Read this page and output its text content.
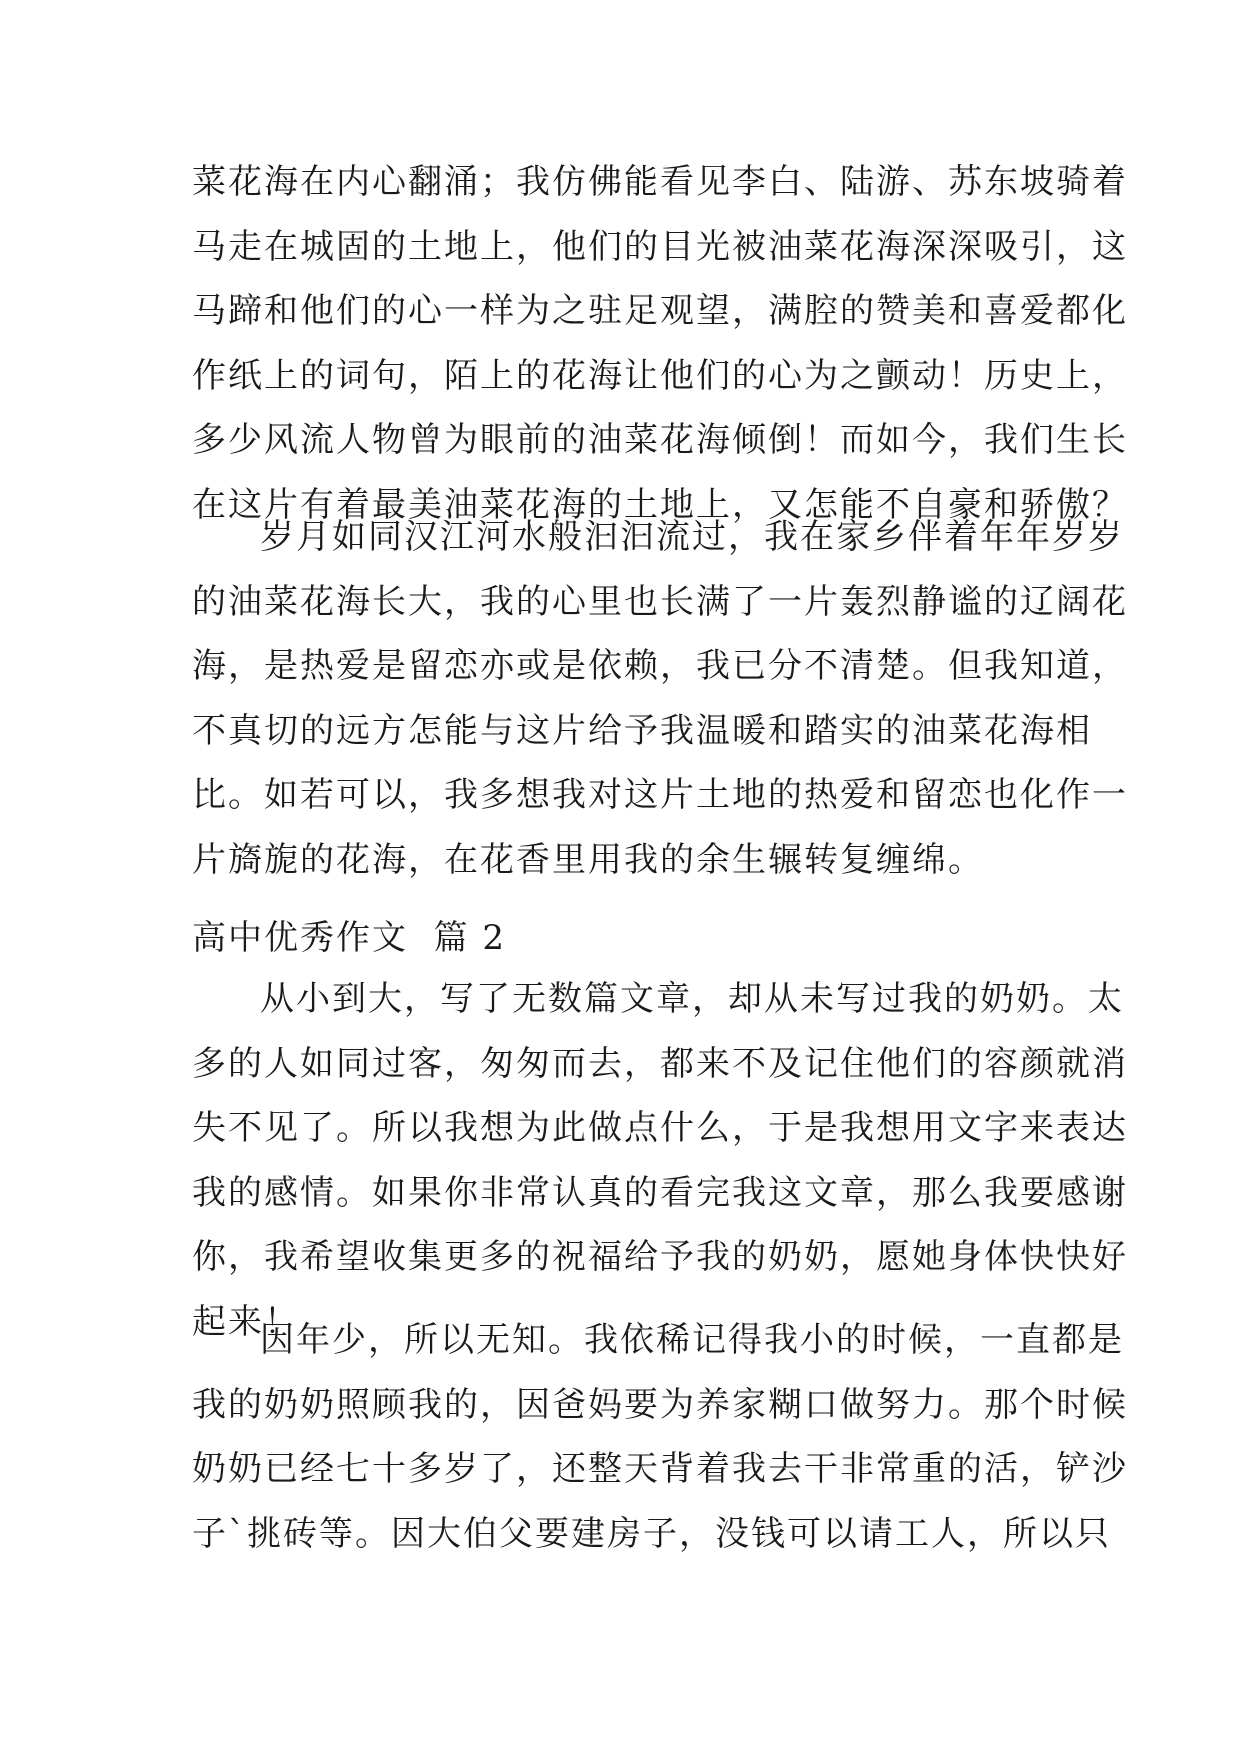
菜花海在内心翻涌；我仿佛能看见李白、陆游、苏东坡骑着
马走在城固的土地上，他们的目光被油菜花海深深吸引，这
马蹄和他们的心一样为之驻足观望，满腔的赞美和喜爱都化
作纸上的词句，陌上的花海让他们的心为之颤动！历史上，
多少风流人物曾为眼前的油菜花海倾倒！而如今，我们生长
在这片有着最美油菜花海的土地上，又怎能不自豪和骄傲？
岁月如同汉江河水般汩汩流过，我在家乡伴着年年岁岁
的油菜花海长大，我的心里也长满了一片轰烈静谧的辽阔花
海，是热爱是留恋亦或是依赖，我已分不清楚。但我知道，
不真切的远方怎能与这片给予我温暖和踏实的油菜花海相
比。如若可以，我多想我对这片土地的热爱和留恋也化作一
片旖旎的花海，在花香里用我的余生辗转复缠绵。
高中优秀作文  篇 2
从小到大，写了无数篇文章，却从未写过我的奶奶。太
多的人如同过客，匆匆而去，都来不及记住他们的容颜就消
失不见了。所以我想为此做点什么，于是我想用文字来表达
我的感情。如果你非常认真的看完我这文章，那么我要感谢
你，我希望收集更多的祝福给予我的奶奶，愿她身体快快好
起来！
因年少，所以无知。我依稀记得我小的时候，一直都是
我的奶奶照顾我的，因爸妈要为养家糊口做努力。那个时候
奶奶已经七十多岁了，还整天背着我去干非常重的活，铲沙
子`挑砖等。因大伯父要建房子，没钱可以请工人，所以只
